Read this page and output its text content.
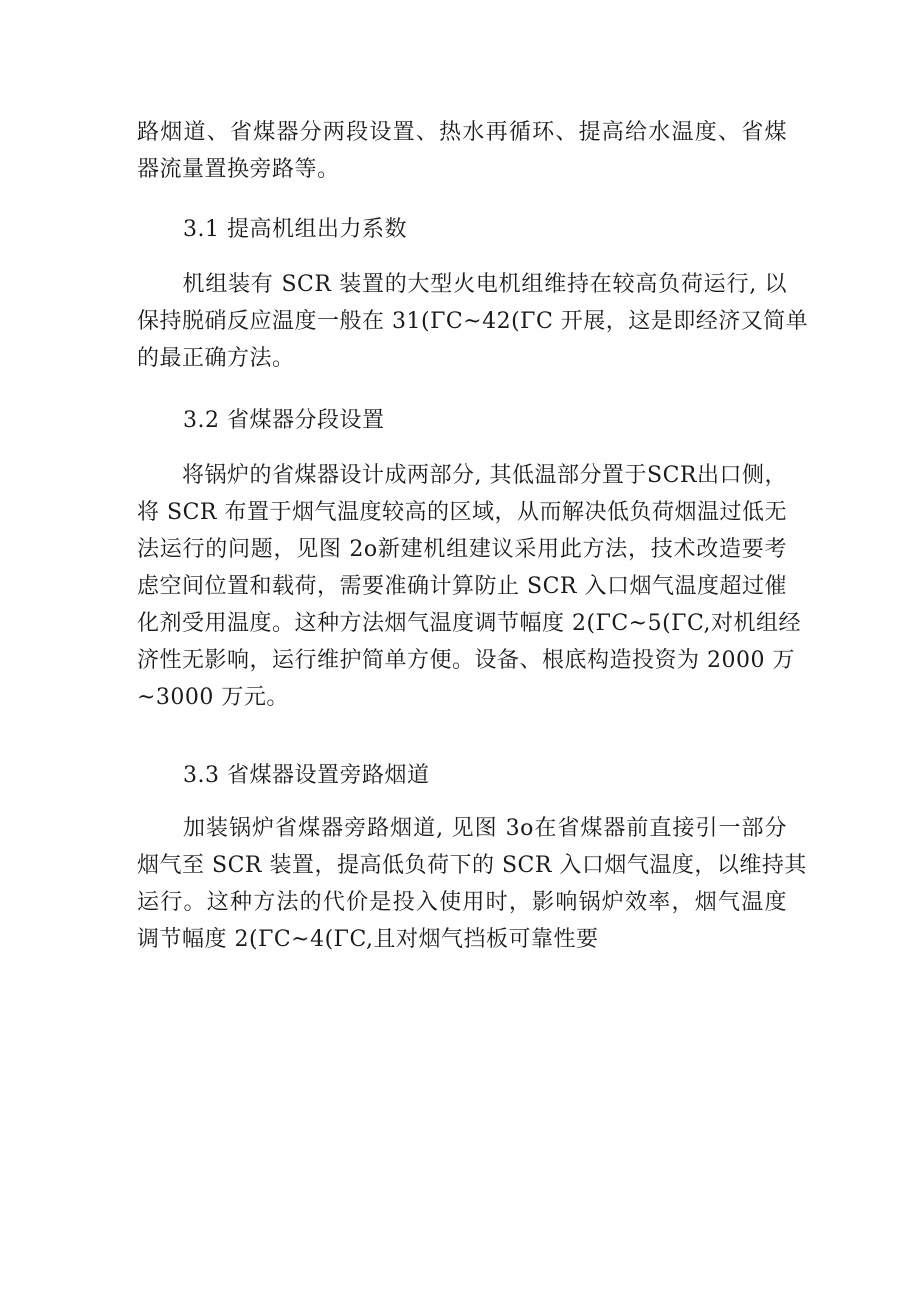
路烟道、省煤器分两段设置、热水再循环、提高给水温度、省煤
器流量置换旁路等。
3.1 提高机组出力系数
　　机组装有 SCR 装置的大型火电机组维持在较高负荷运行, 以
保持脱硝反应温度一般在 31(ΓC~42(ΓC 开展，这是即经济又简单
的最正确方法。
3.2 省煤器分段设置
　　将锅炉的省煤器设计成两部分, 其低温部分置于SCR出口侧，
将 SCR 布置于烟气温度较高的区域，从而解决低负荷烟温过低无
法运行的问题，见图 2o新建机组建议采用此方法，技术改造要考
虑空间位置和载荷，需要准确计算防止 SCR 入口烟气温度超过催
化剂受用温度。这种方法烟气温度调节幅度 2(ΓC~5(ΓC,对机组经
济性无影响，运行维护简单方便。设备、根底构造投资为 2000 万
~3000 万元。
3.3 省煤器设置旁路烟道
　　加装锅炉省煤器旁路烟道, 见图 3o在省煤器前直接引一部分
烟气至 SCR 装置，提高低负荷下的 SCR 入口烟气温度，以维持其
运行。这种方法的代价是投入使用时，影响锅炉效率，烟气温度
调节幅度 2(ΓC~4(ΓC,且对烟气挡板可靠性要
